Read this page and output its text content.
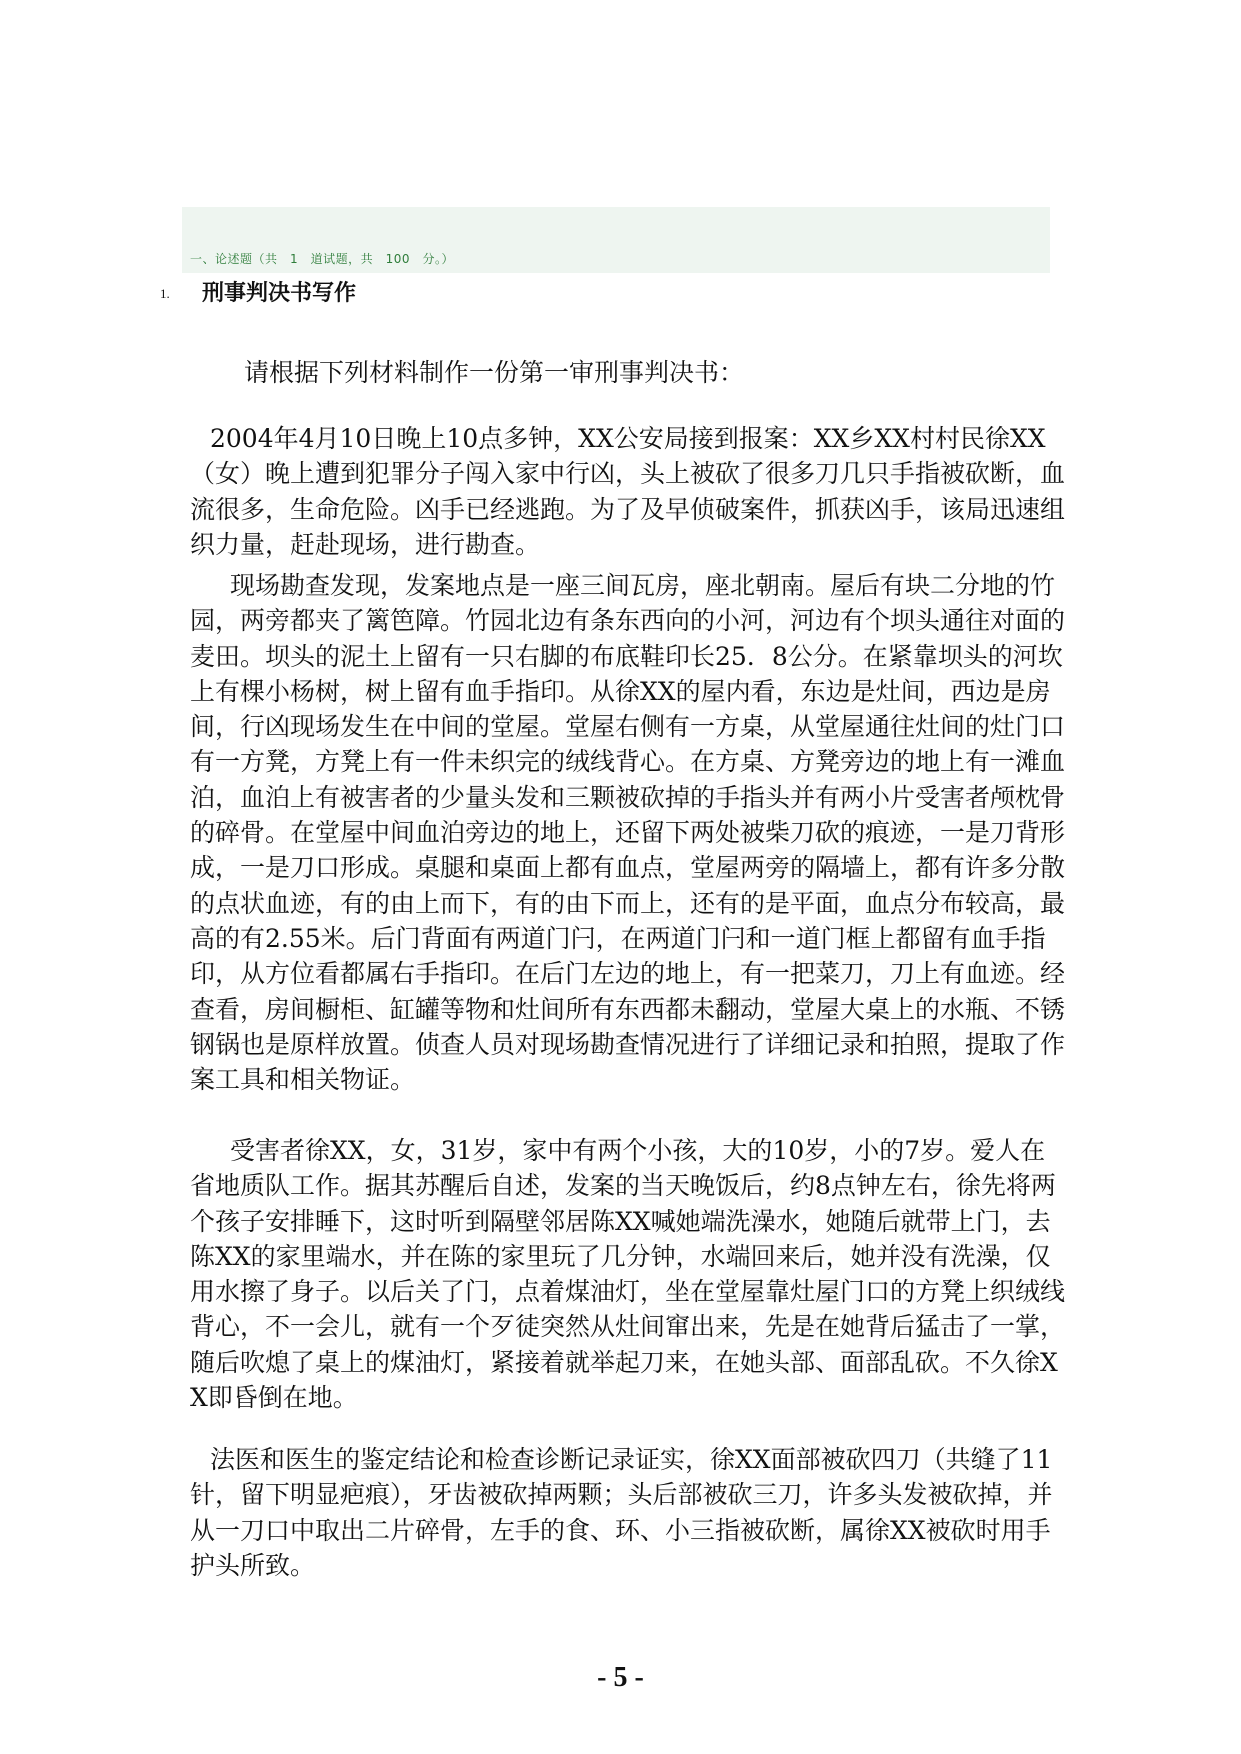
一、论述题（共　1　道试题，共　100　分。）
1. 刑事判决书写作
请根据下列材料制作一份第一审刑事判决书：

2004年4月10日晚上10点多钟，XX公安局接到报案：XX乡XX村村民徐XX（女）晚上遭到犯罪分子闯入家中行凶，头上被砍了很多刀几只手指被砍断，血流很多，生命危险。凶手已经逃跑。为了及早侦破案件，抓获凶手，该局迅速组织力量，赶赴现场，进行勘查。

现场勘查发现，发案地点是一座三间瓦房，座北朝南。屋后有块二分地的竹园，两旁都夹了篱笆障。竹园北边有条东西向的小河，河边有个坝头通往对面的麦田。坝头的泥土上留有一只右脚的布底鞋印长25．8公分。在紧靠坝头的河坎上有棵小杨树，树上留有血手指印。从徐XX的屋内看，东边是灶间，西边是房间，行凶现场发生在中间的堂屋。堂屋右侧有一方桌，从堂屋通往灶间的灶门口有一方凳，方凳上有一件未织完的绒线背心。在方桌、方凳旁边的地上有一滩血泊，血泊上有被害者的少量头发和三颗被砍掉的手指头并有两小片受害者颅枕骨的碎骨。在堂屋中间血泊旁边的地上，还留下两处被柴刀砍的痕迹，一是刀背形成，一是刀口形成。桌腿和桌面上都有血点，堂屋两旁的隔墙上，都有许多分散的点状血迹，有的由上而下，有的由下而上，还有的是平面，血点分布较高，最高的有2.55米。后门背面有两道门闩，在两道门闩和一道门框上都留有血手指印，从方位看都属右手指印。在后门左边的地上，有一把菜刀，刀上有血迹。经查看，房间橱柜、缸罐等物和灶间所有东西都未翻动，堂屋大桌上的水瓶、不锈钢锅也是原样放置。侦查人员对现场勘查情况进行了详细记录和拍照，提取了作案工具和相关物证。

受害者徐XX，女，31岁，家中有两个小孩，大的10岁，小的7岁。爱人在省地质队工作。据其苏醒后自述，发案的当天晚饭后，约8点钟左右，徐先将两个孩子安排睡下，这时听到隔壁邻居陈XX喊她端洗澡水，她随后就带上门，去陈XX的家里端水，并在陈的家里玩了几分钟，水端回来后，她并没有洗澡，仅用水擦了身子。以后关了门，点着煤油灯，坐在堂屋靠灶屋门口的方凳上织绒线背心，不一会儿，就有一个歹徒突然从灶间窜出来，先是在她背后猛击了一掌，随后吹熄了桌上的煤油灯，紧接着就举起刀来，在她头部、面部乱砍。不久徐XX即昏倒在地。

法医和医生的鉴定结论和检查诊断记录证实，徐XX面部被砍四刀（共缝了11针，留下明显疤痕），牙齿被砍掉两颗；头后部被砍三刀，许多头发被砍掉，并从一刀口中取出二片碎骨，左手的食、环、小三指被砍断，属徐XX被砍时用手护头所致。

- 5 -
